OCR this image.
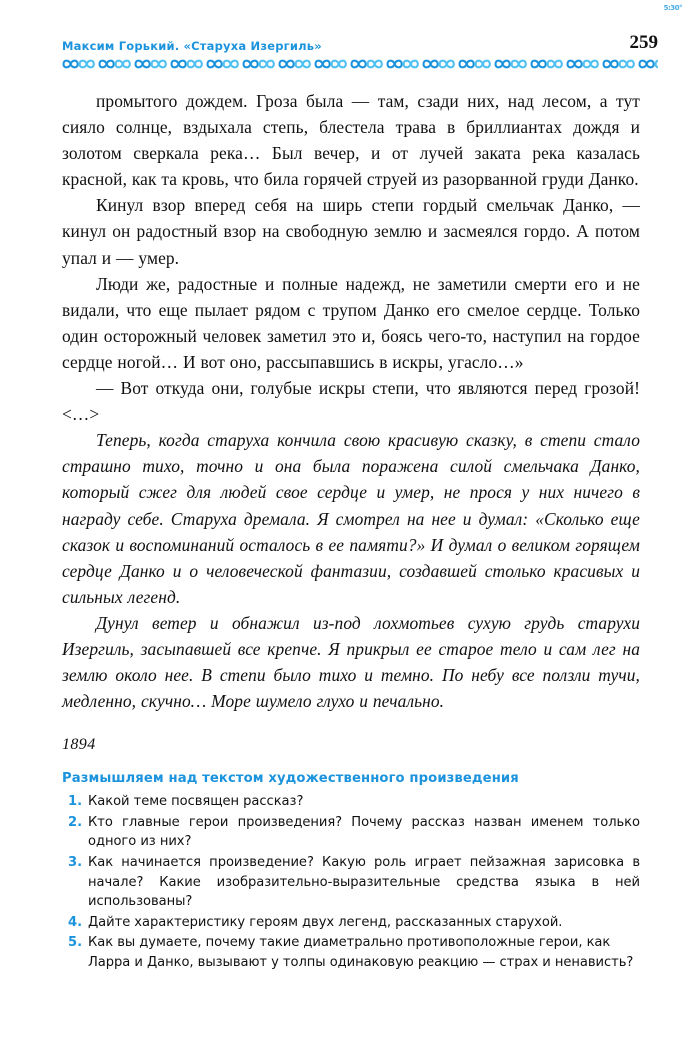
5:30°
Максим Горький. «Старуха Изергиль»	259

промытого дождем. Гроза была — там, сзади них, над лесом, а тут сияло солнце, вздыхала степь, блестела трава в бриллиантах дождя и золотом сверкала река… Был вечер, и от лучей заката река казалась красной, как та кровь, что била горячей струей из разорванной груди Данко.

Кинул взор вперед себя на ширь степи гордый смельчак Данко, — кинул он радостный взор на свободную землю и засмеялся гордо. А потом упал и — умер.

Люди же, радостные и полные надежд, не заметили смерти его и не видали, что еще пылает рядом с трупом Данко его смелое сердце. Только один осторожный человек заметил это и, боясь чего-то, наступил на гордое сердце ногой… И вот оно, рассыпавшись в искры, угасло…»

— Вот откуда они, голубые искры степи, что являются перед грозой! <…>

Теперь, когда старуха кончила свою красивую сказку, в степи стало страшно тихо, точно и она была поражена силой смельчака Данко, который сжег для людей свое сердце и умер, не прося у них ничего в награду себе. Старуха дремала. Я смотрел на нее и думал: «Сколько еще сказок и воспоминаний осталось в ее памяти?» И думал о великом горящем сердце Данко и о человеческой фантазии, создавшей столько красивых и сильных легенд.

Дунул ветер и обнажил из-под лохмотьев сухую грудь старухи Изергиль, засыпавшей все крепче. Я прикрыл ее старое тело и сам лег на землю около нее. В степи было тихо и темно. По небу все ползли тучи, медленно, скучно… Море шумело глухо и печально.

1894

Размышляем над текстом художественного произведения
Какой теме посвящен рассказ?
Кто главные герои произведения? Почему рассказ назван именем только одного из них?
Как начинается произведение? Какую роль играет пейзажная зарисовка в начале? Какие изобразительно-выразительные средства языка в ней использованы?
Дайте характеристику героям двух легенд, рассказанных старухой.
Как вы думаете, почему такие диаметрально противоположные герои, как Ларра и Данко, вызывают у толпы одинаковую реакцию — страх и ненависть?
